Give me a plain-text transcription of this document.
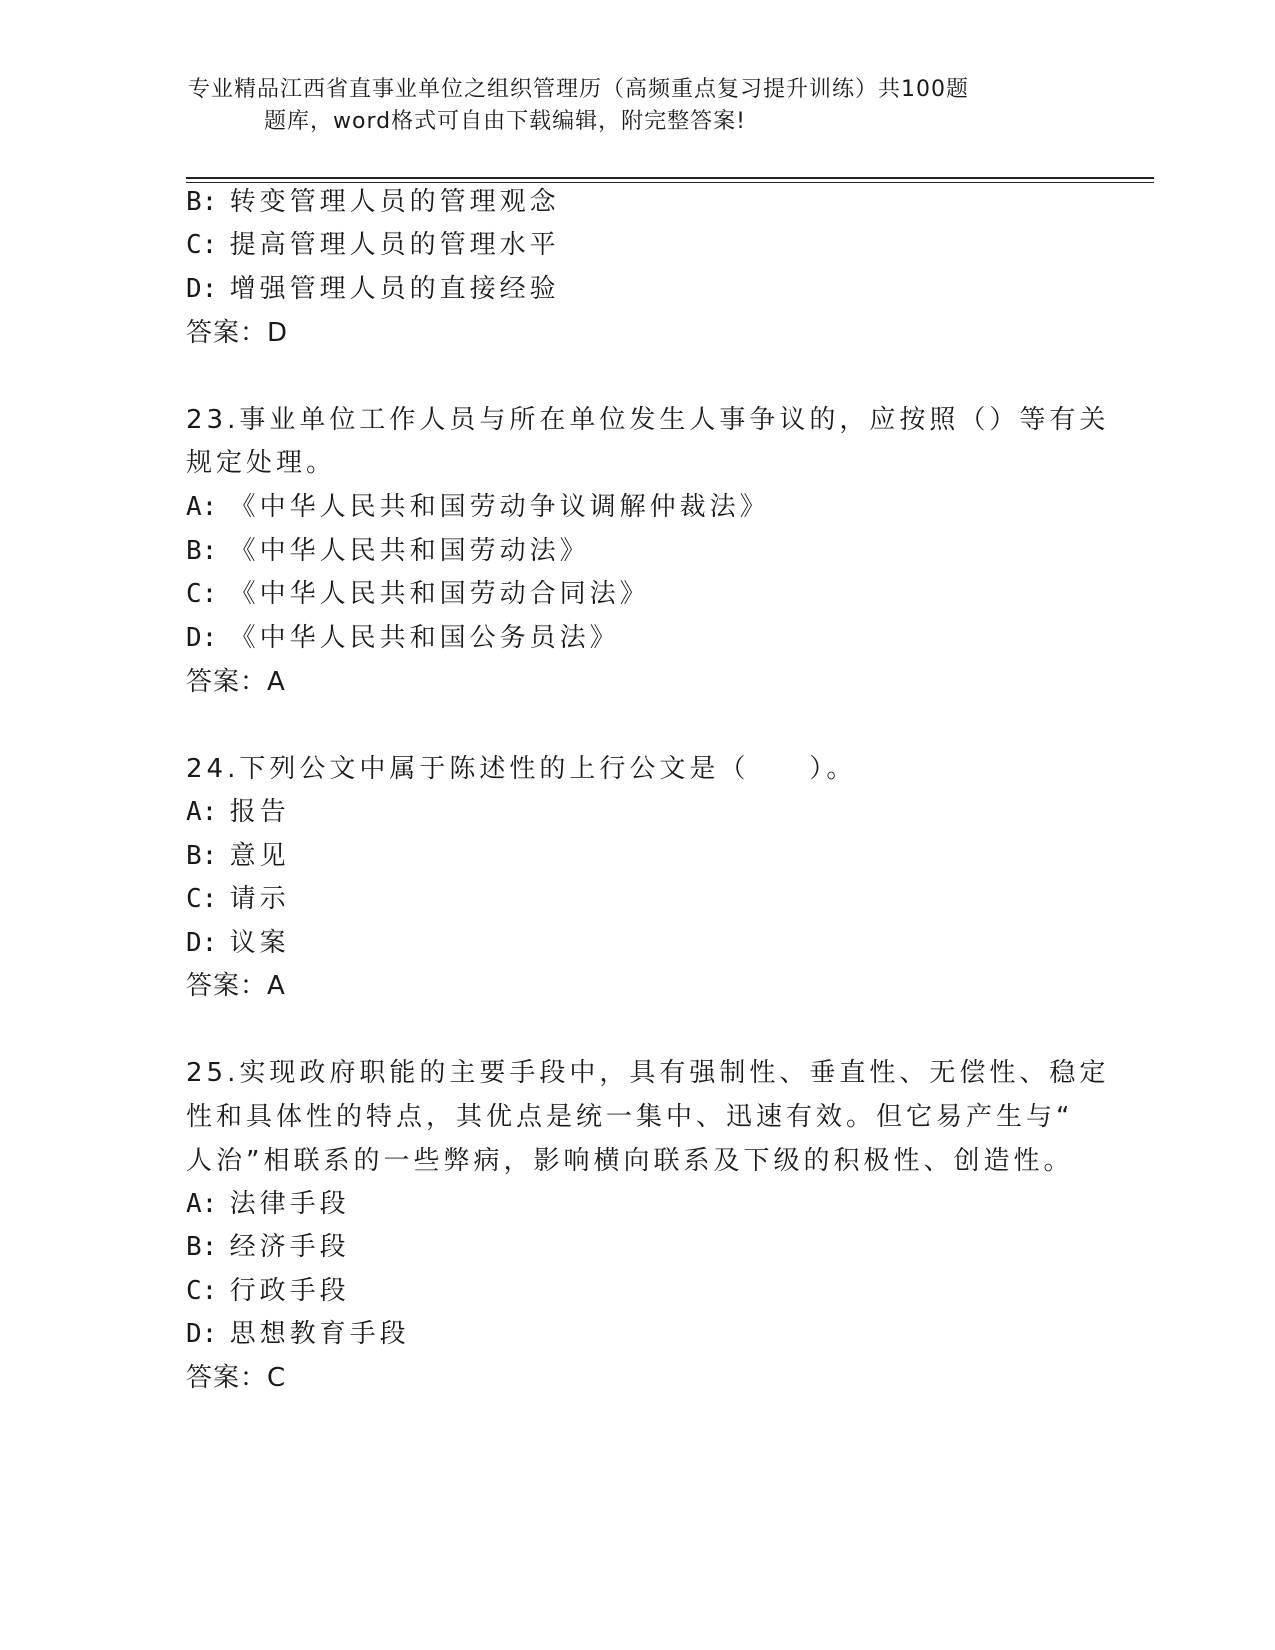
专业精品江西省直事业单位之组织管理历（高频重点复习提升训练）共100题
题库，word格式可自由下载编辑，附完整答案!
B: 转变管理人员的管理观念
C: 提高管理人员的管理水平
D: 增强管理人员的直接经验
答案：D
23.事业单位工作人员与所在单位发生人事争议的，应按照（）等有关
规定处理。
A: 《中华人民共和国劳动争议调解仲裁法》
B: 《中华人民共和国劳动法》
C: 《中华人民共和国劳动合同法》
D: 《中华人民共和国公务员法》
答案：A
24.下列公文中属于陈述性的上行公文是（　　）。
A: 报告
B: 意见
C: 请示
D: 议案
答案：A
25.实现政府职能的主要手段中，具有强制性、垂直性、无偿性、稳定
性和具体性的特点，其优点是统一集中、迅速有效。但它易产生与“
人治”相联系的一些弊病，影响横向联系及下级的积极性、创造性。
A: 法律手段
B: 经济手段
C: 行政手段
D: 思想教育手段
答案：C
